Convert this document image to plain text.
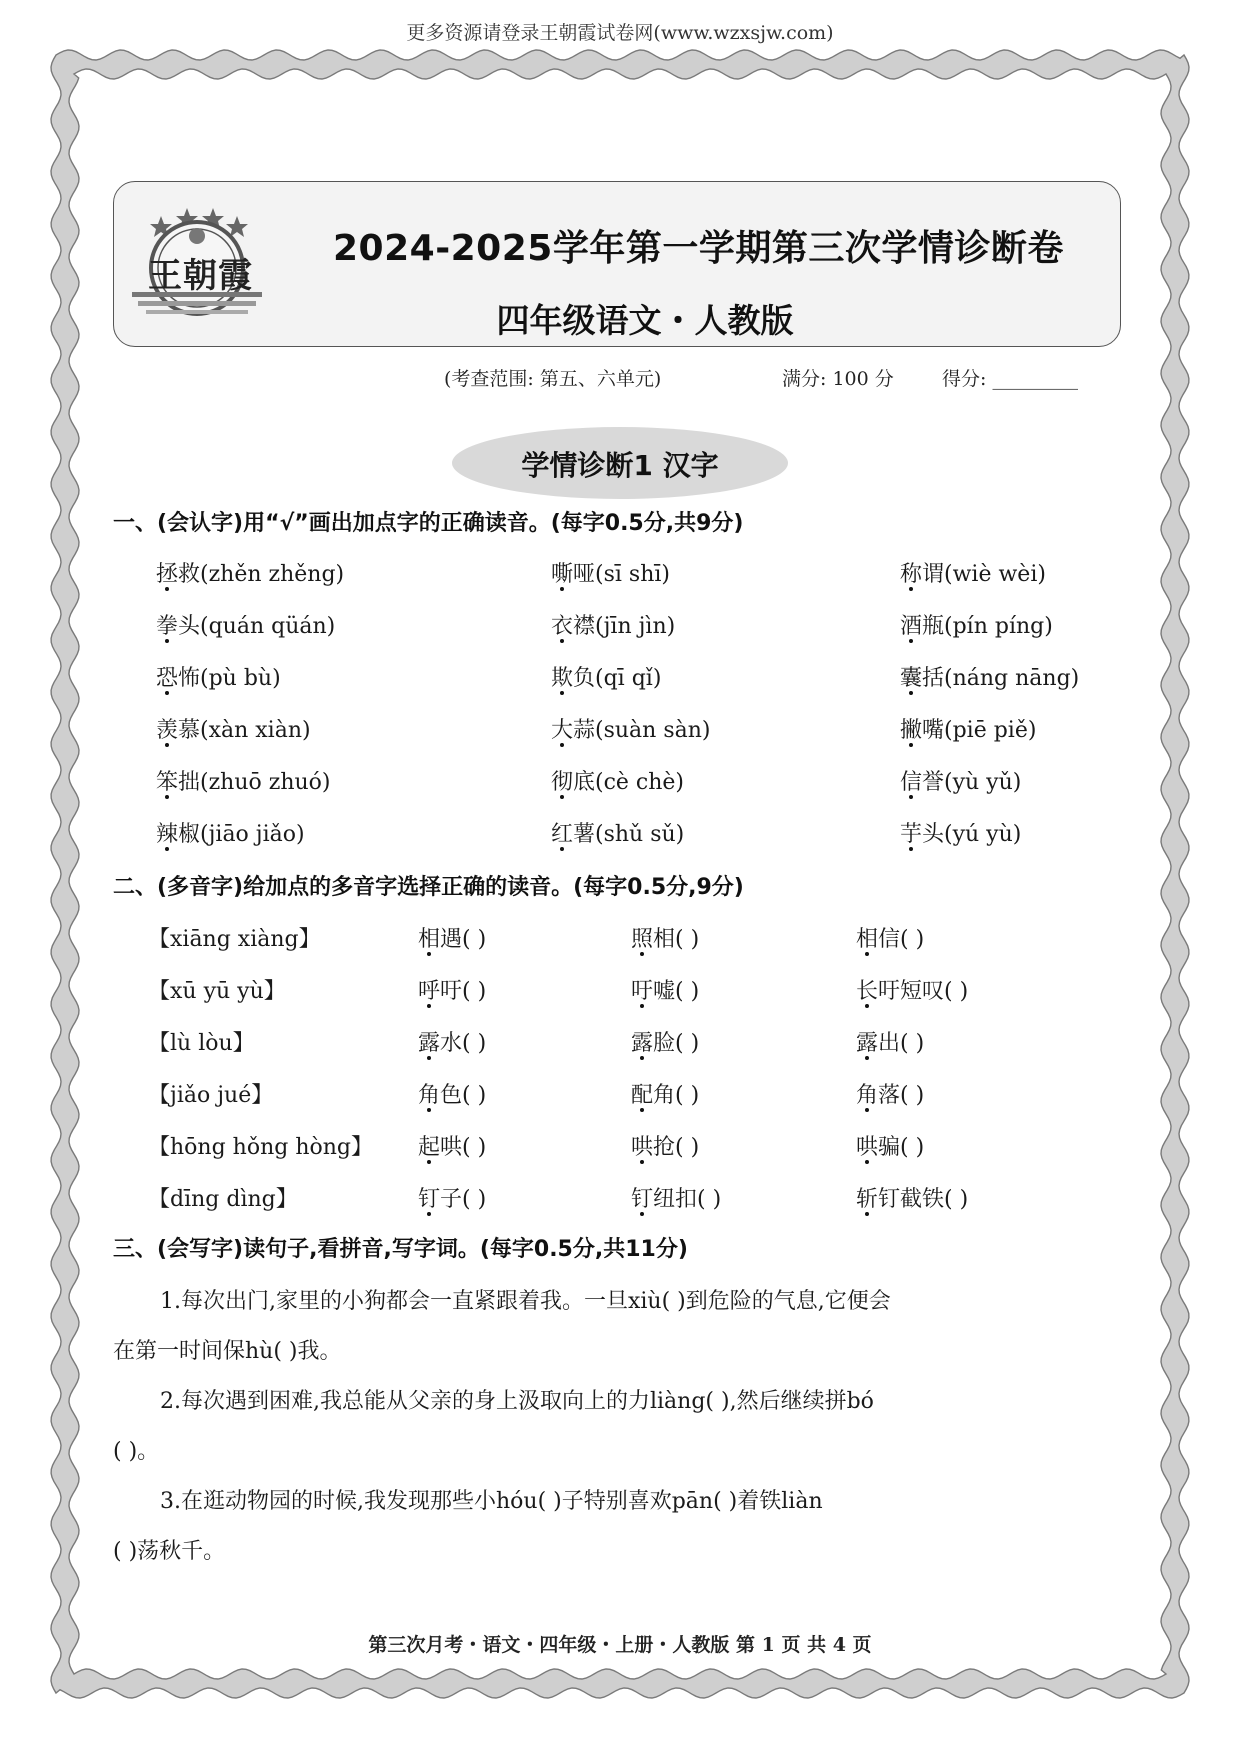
更多资源请登录王朝霞试卷网(www.wzxsjw.com)
王朝霞
2024-2025学年第一学期第三次学情诊断卷
四年级语文・人教版
(考查范围: 第五、六单元)	满分: 100 分	得分: _________
学情诊断1 汉字
一、(会认字)用“√”画出加点字的正确读音。(每字0.5分,共9分)
拯救(zhěn zhěng)	嘶哑(sī shī)	称谓(wiè wèi)
拳头(quán qüán)	衣襟(jīn jìn)	酒瓶(pín píng)
恐怖(pù bù)	欺负(qī qǐ)	囊括(náng nāng)
羡慕(xàn xiàn)	大蒜(suàn sàn)	撇嘴(piē piě)
笨拙(zhuō zhuó)	彻底(cè chè)	信誉(yù yǔ)
辣椒(jiāo jiǎo)	红薯(shǔ sǔ)	芋头(yú yù)
二、(多音字)给加点的多音字选择正确的读音。(每字0.5分,9分)
【xiāng xiàng】	相遇( )	照相( )	相信( )
【xū yū yù】	呼吁( )	吁嘘( )	长吁短叹( )
【lù lòu】	露水( )	露脸( )	露出( )
【jiǎo jué】	角色( )	配角( )	角落( )
【hōng hǒng hòng】 起哄( )	哄抢( )	哄骗( )
【dīng dìng】	钉子( )	钉纽扣( )	斩钉截铁( )
三、(会写字)读句子,看拼音,写字词。(每字0.5分,共11分)
1.每次出门,家里的小狗都会一直紧跟着我。一旦xiù( )到危险的气息,它便会
在第一时间保hù( )我。
2.每次遇到困难,我总能从父亲的身上汲取向上的力liàng( ),然后继续拼bó
( )。
3.在逛动物园的时候,我发现那些小hóu( )子特别喜欢pān( )着铁liàn
( )荡秋千。
第三次月考・语文・四年级・上册・人教版 第 1 页 共 4 页
